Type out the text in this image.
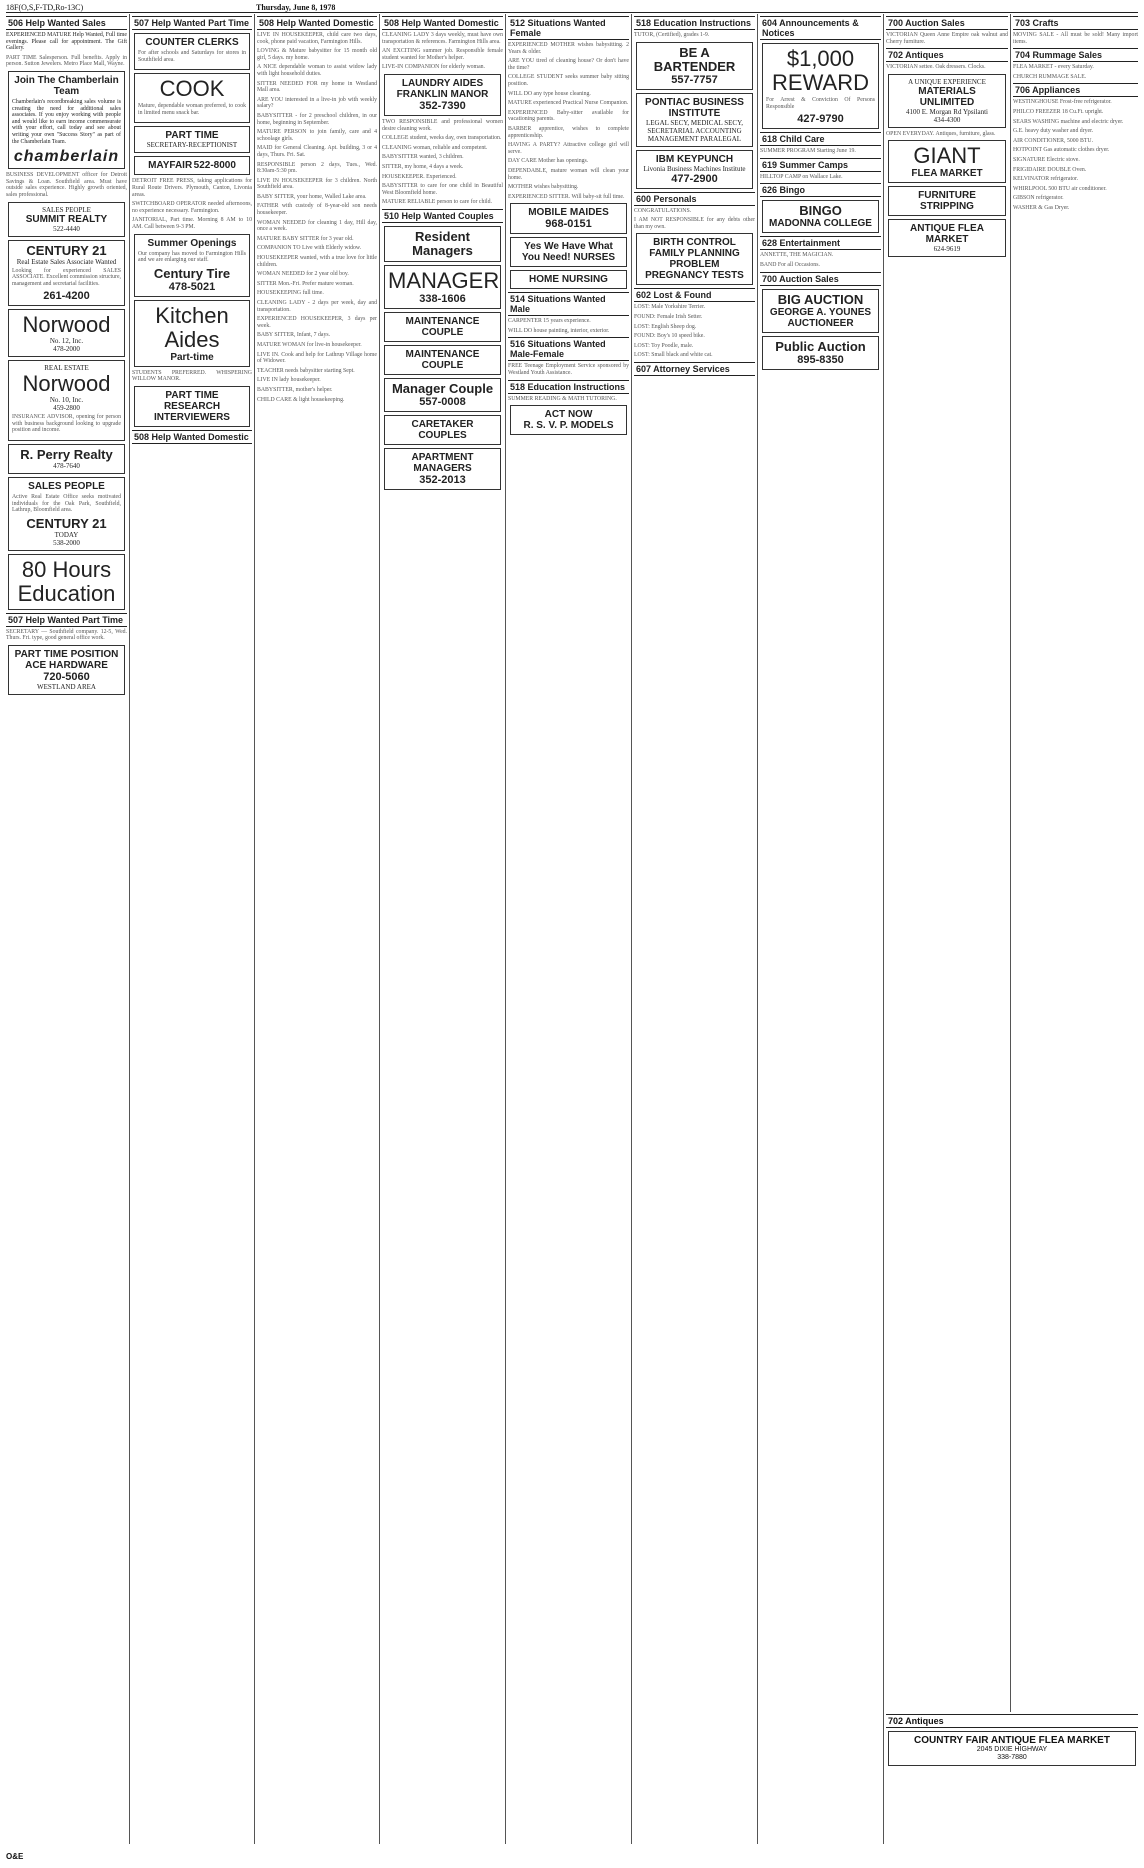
18F(O,S,F-TD,Ro-13C)	Thursday, June 8, 1978
506 Help Wanted Sales
EXPERIENCED MATURE Help Wanted, Full time evenings. Please call for appointment. The Gift Gallery.
PART TIME Salesperson. Full benefits. Apply in person. Sutton Jewelers. Metro Place Mall, Wayne.
Join The Chamberlain Team
Chamberlain's recordbreaking sales volume is creating the need for additional sales associates. If you enjoy working with people and would like to earn income commensurate with your effort, call today and see about writing your own "Success Story" as part of the Chamberlain Team.
chamberlain
BUSINESS DEVELOPMENT officer for Detroit Savings & Loan. Southfield area. Must have outside sales experience. Highly growth oriented, sales professional.
SALES PEOPLE
SUMMIT REALTY
522-4440
CENTURY 21
Real Estate Sales Associate Wanted
Looking for experienced SALES ASSOCIATE. Excellent commission structure, management and secretarial facilities.
261-4200
Norwood
No. 12, Inc.
478-2000
REAL ESTATE
Norwood
No. 10, Inc.
459-2800
INSURANCE ADVISOR, opening for person with business background looking to upgrade position and income.
R. Perry Realty
478-7640
SALES PEOPLE
Active Real Estate Office seeks motivated individuals for the Oak Park, Southfield, Lathrup, Bloomfield area.
CENTURY 21
TODAY
538-2000
80 Hours
Education
507 Help Wanted Part Time
SECRETARY — Southfield company. 12-5, Wed. Thurs. Fri. type, good general office work.
PART TIME POSITION
ACE HARDWARE
720-5060
WESTLAND AREA
507 Help Wanted Part Time
COUNTER CLERKS
For after schools and Saturdays for stores in Southfield area.
COOK
Mature, dependable woman preferred, to cook in limited menu snack bar.
PART TIME
SECRETARY-RECEPTIONIST
MAYFAIR 522-8000
DETROIT FREE PRESS, taking applications for Rural Route Drivers. Plymouth, Canton, Livonia areas.
SWITCHBOARD OPERATOR needed afternoons, no experience necessary. Farmington.
JANITORIAL, Part time. Morning 8 AM to 10 AM. Call between 9-3 PM.
Summer Openings
Our company has moved to Farmington Hills and we are enlarging our staff.
Century Tire
478-5021
Kitchen Aides
Part-time
STUDENTS PREFERRED. WHISPERING WILLOW MANOR.
PART TIME RESEARCH INTERVIEWERS
508 Help Wanted Domestic
508 Help Wanted Domestic
LIVE IN HOUSEKEEPER, child care two days, cook, phone paid vacation, Farmington Hills.
LOVING & Mature babysitter for 15 month old girl, 5 days. my home.
A NICE dependable woman to assist widow lady with light household duties.
SITTER NEEDED FOR my home in Westland Mall area.
ARE YOU interested in a live-in job with weekly salary?
BABYSITTER - for 2 preschool children, in our home, beginning in September.
MATURE PERSON to join family, care and 4 schoolage girls.
MAID for General Cleaning. Apt. building, 3 or 4 days, Thurs. Fri. Sat.
RESPONSIBLE person 2 days, Tues., Wed. 8:30am-5:30 pm.
LIVE IN HOUSEKEEPER for 3 children. North Southfield area.
BABY SITTER, your home, Walled Lake area.
FATHER with custody of 8-year-old son needs housekeeper.
WOMAN NEEDED for cleaning 1 day, Hill day, once a week.
MATURE BABY SITTER for 3 year old.
COMPANION TO Live with Elderly widow.
HOUSEKEEPER wanted, with a true love for little children.
WOMAN NEEDED for 2 year old boy.
SITTER Mon.-Fri. Prefer mature woman.
HOUSEKEEPING full time.
CLEANING LADY - 2 days per week, day and transportation.
EXPERIENCED HOUSEKEEPER, 3 days per week.
BABY SITTER, Infant, 7 days.
MATURE WOMAN for live-in housekeeper.
LIVE IN. Cook and help for Lathrup Village home of Widower.
TEACHER needs babysitter starting Sept.
LIVE IN lady housekeeper.
BABYSITTER, mother's helper.
CHILD CARE & light housekeeping.
508 Help Wanted Domestic
CLEANING LADY 3 days weekly, must have own transportation & references. Farmington Hills area.
AN EXCITING summer job. Responsible female student wanted for Mother's helper.
LIVE-IN COMPANION for elderly woman.
LAUNDRY AIDES
FRANKLIN MANOR
352-7390
TWO RESPONSIBLE and professional women desire cleaning work.
COLLEGE student, weeks day, own transportation.
CLEANING woman, reliable and competent.
BABYSITTER wanted, 3 children.
SITTER, my home, 4 days a week.
HOUSEKEEPER. Experienced.
BABYSITTER to care for one child in Beautiful West Bloomfield home.
MATURE RELIABLE person to care for child.
510 Help Wanted Couples
Resident Managers
MANAGER
338-1606
MAINTENANCE COUPLE
MAINTENANCE COUPLE
Manager Couple
557-0008
CARETAKER COUPLES
APARTMENT MANAGERS
352-2013
512 Situations Wanted Female
EXPERIENCED MOTHER wishes babysitting. 2 Years & older.
ARE YOU tired of cleaning house? Or don't have the time?
COLLEGE STUDENT seeks summer baby sitting position.
WILL DO any type house cleaning.
MATURE experienced Practical Nurse Companion.
EXPERIENCED Baby-sitter available for vacationing parents.
BARBER apprentice, wishes to complete apprenticeship.
HAVING A PARTY? Attractive college girl will serve.
DAY CARE Mother has openings.
DEPENDABLE, mature woman will clean your home.
MOTHER wishes babysitting.
EXPERIENCED SITTER. Will baby-sit full time.
MOBILE MAIDES
968-0151
Yes We Have What You Need! NURSES
HOME NURSING
514 Situations Wanted Male
CARPENTER 15 years experience.
WILL DO house painting, interior, exterior.
516 Situations Wanted Male-Female
FREE Teenage Employment Service sponsored by Westland Youth Assistance.
518 Education Instructions
SUMMER READING & MATH TUTORING.
ACT NOW
R. S. V. P. MODELS
518 Education Instructions
TUTOR, (Certified), grades 1-9.
BE A BARTENDER
557-7757
PONTIAC BUSINESS INSTITUTE
LEGAL SECY, MEDICAL SECY, SECRETARIAL ACCOUNTING MANAGEMENT PARALEGAL
IBM KEYPUNCH
Livonia Business Machines Institute
477-2900
600 Personals
CONGRATULATIONS.
I AM NOT RESPONSIBLE for any debts other than my own.
BIRTH CONTROL FAMILY PLANNING PROBLEM PREGNANCY TESTS
602 Lost & Found
LOST: Male Yorkshire Terrier.
FOUND: Female Irish Setter.
LOST: English Sheep dog.
FOUND: Boy's 10 speed bike.
LOST: Toy Poodle, male.
LOST: Small black and white cat.
607 Attorney Services
604 Announcements & Notices
$1,000
REWARD
For Arrest & Conviction Of Persons Responsible
427-9790
618 Child Care
SUMMER PROGRAM Starting June 19.
619 Summer Camps
HILLTOP CAMP on Wallace Lake.
626 Bingo
BINGO
MADONNA COLLEGE
628 Entertainment
ANNETTE, THE MAGICIAN.
BAND For all Occasions.
700 Auction Sales
BIG AUCTION
GEORGE A. YOUNES AUCTIONEER
Public Auction
895-8350
700 Auction Sales
VICTORIAN Queen Anne Empire oak walnut and Cherry furniture.
702 Antiques
VICTORIAN settee. Oak dressers. Clocks.
A UNIQUE EXPERIENCE
MATERIALS UNLIMITED
4100 E. Morgan Rd Ypsilanti
434-4300
OPEN EVERYDAY. Antiques, furniture, glass.
GIANT
FLEA MARKET
FURNITURE STRIPPING
ANTIQUE FLEA MARKET
624-9619
703 Crafts
MOVING SALE - All must be sold! Many import items.
704 Rummage Sales
FLEA MARKET - every Saturday.
CHURCH RUMMAGE SALE.
706 Appliances
WESTINGHOUSE Frost-free refrigerator.
PHILCO FREEZER 18 Cu.Ft. upright.
SEARS WASHING machine and electric dryer.
G.E. heavy duty washer and dryer.
AIR CONDITIONER, 5000 BTU.
HOTPOINT Gas automatic clothes dryer.
SIGNATURE Electric stove.
FRIGIDAIRE DOUBLE Oven.
KELVINATOR refrigerator.
WHIRLPOOL 500 BTU air conditioner.
GIBSON refrigerator.
WASHER & Gas Dryer.
702 Antiques
COUNTRY FAIR ANTIQUE FLEA MARKET
2045 DIXIE HIGHWAY
338-7880
O&E
